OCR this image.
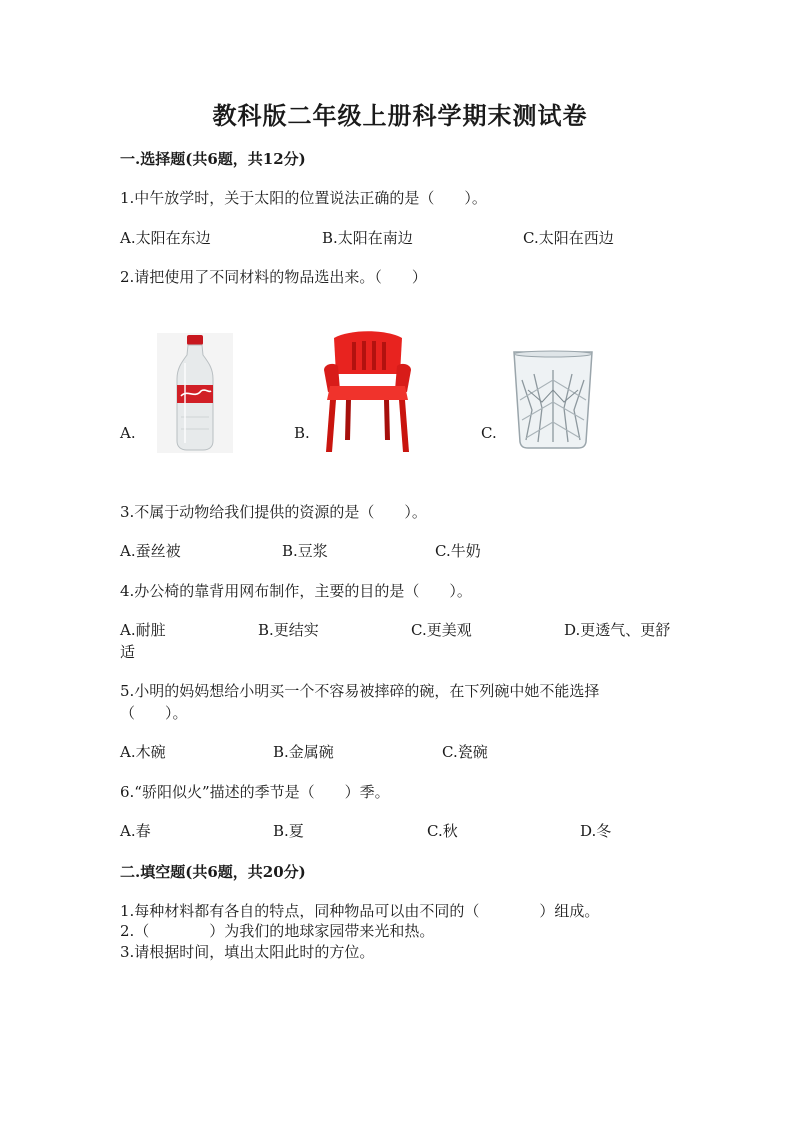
教科版二年级上册科学期末测试卷
一.选择题(共6题，共12分)
1.中午放学时，关于太阳的位置说法正确的是（　　）。
A.太阳在东边	B.太阳在南边	C.太阳在西边
2.请把使用了不同材料的物品选出来。（　　）
A.	B.	C.
3.不属于动物给我们提供的资源的是（　　）。
A.蚕丝被	B.豆浆	C.牛奶
4.办公椅的靠背用网布制作，主要的目的是（　　）。
A.耐脏	B.更结实	C.更美观	D.更透气、更舒
适
5.小明的妈妈想给小明买一个不容易被摔碎的碗，在下列碗中她不能选择
（　　）。
A.木碗	B.金属碗	C.瓷碗
6.“骄阳似火”描述的季节是（　　）季。
A.春	B.夏	C.秋	D.冬
二.填空题(共6题，共20分)
1.每种材料都有各自的特点，同种物品可以由不同的（　　　　）组成。
2.（　　　　）为我们的地球家园带来光和热。
3.请根据时间，填出太阳此时的方位。
